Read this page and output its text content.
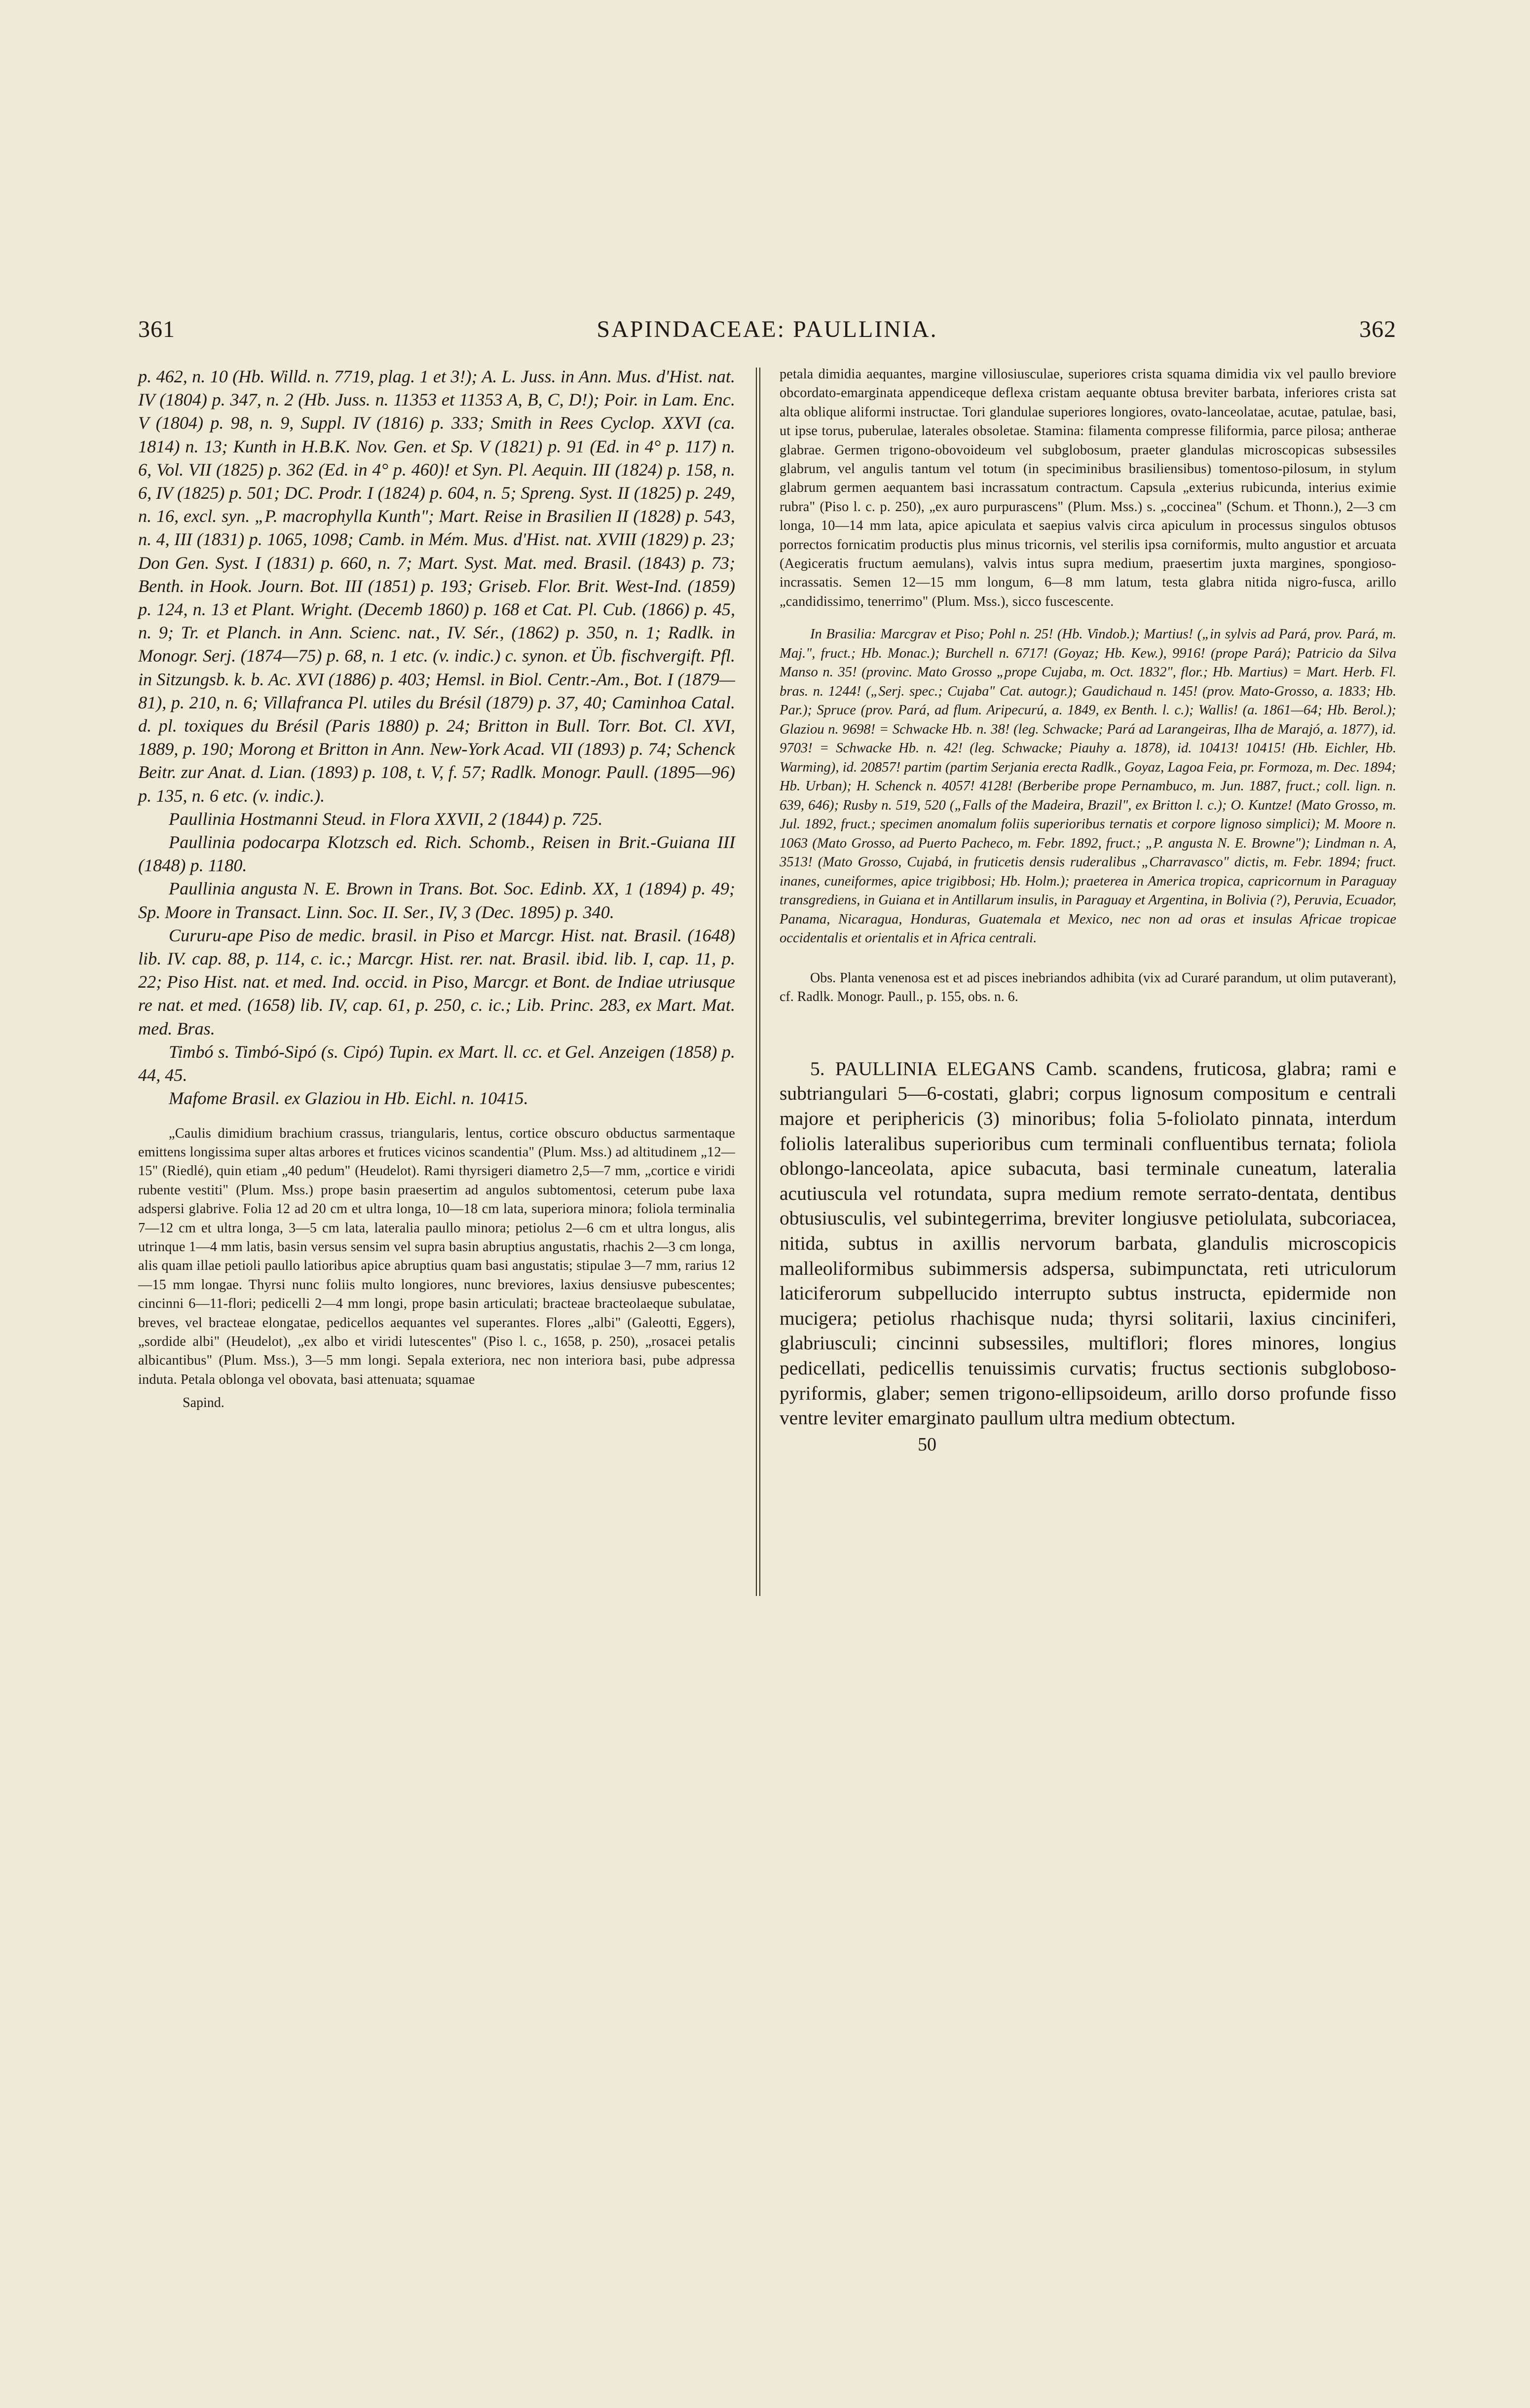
361	SAPINDACEAE: PAULLINIA.	362

p. 462, n. 10 (Hb. Willd. n. 7719, plag. 1 et 3!); A. L. Juss. in Ann. Mus. d'Hist. nat. IV (1804) p. 347, n. 2 (Hb. Juss. n. 11353 et 11353 A, B, C, D!); Poir. in Lam. Enc. V (1804) p. 98, n. 9, Suppl. IV (1816) p. 333; Smith in Rees Cyclop. XXVI (ca. 1814) n. 13; Kunth in H.B.K. Nov. Gen. et Sp. V (1821) p. 91 (Ed. in 4° p. 117) n. 6, Vol. VII (1825) p. 362 (Ed. in 4° p. 460)! et Syn. Pl. Aequin. III (1824) p. 158, n. 6, IV (1825) p. 501; DC. Prodr. I (1824) p. 604, n. 5; Spreng. Syst. II (1825) p. 249, n. 16, excl. syn. „P. macrophylla Kunth"; Mart. Reise in Brasilien II (1828) p. 543, n. 4, III (1831) p. 1065, 1098; Camb. in Mém. Mus. d'Hist. nat. XVIII (1829) p. 23; Don Gen. Syst. I (1831) p. 660, n. 7; Mart. Syst. Mat. med. Brasil. (1843) p. 73; Benth. in Hook. Journ. Bot. III (1851) p. 193; Griseb. Flor. Brit. West-Ind. (1859) p. 124, n. 13 et Plant. Wright. (Decemb 1860) p. 168 et Cat. Pl. Cub. (1866) p. 45, n. 9; Tr. et Planch. in Ann. Scienc. nat., IV. Sér., (1862) p. 350, n. 1; Radlk. in Monogr. Serj. (1874—75) p. 68, n. 1 etc. (v. indic.) c. synon. et Üb. fischvergift. Pfl. in Sitzungsb. k. b. Ac. XVI (1886) p. 403; Hemsl. in Biol. Centr.-Am., Bot. I (1879—81), p. 210, n. 6; Villafranca Pl. utiles du Brésil (1879) p. 37, 40; Caminhoa Catal. d. pl. toxiques du Brésil (Paris 1880) p. 24; Britton in Bull. Torr. Bot. Cl. XVI, 1889, p. 190; Morong et Britton in Ann. New-York Acad. VII (1893) p. 74; Schenck Beitr. zur Anat. d. Lian. (1893) p. 108, t. V, f. 57; Radlk. Monogr. Paull. (1895—96) p. 135, n. 6 etc. (v. indic.).

Paullinia Hostmanni Steud. in Flora XXVII, 2 (1844) p. 725.

Paullinia podocarpa Klotzsch ed. Rich. Schomb., Reisen in Brit.-Guiana III (1848) p. 1180.

Paullinia angusta N. E. Brown in Trans. Bot. Soc. Edinb. XX, 1 (1894) p. 49; Sp. Moore in Transact. Linn. Soc. II. Ser., IV, 3 (Dec. 1895) p. 340.

Cururu-ape Piso de medic. brasil. in Piso et Marcgr. Hist. nat. Brasil. (1648) lib. IV. cap. 88, p. 114, c. ic.; Marcgr. Hist. rer. nat. Brasil. ibid. lib. I, cap. 11, p. 22; Piso Hist. nat. et med. Ind. occid. in Piso, Marcgr. et Bont. de Indiae utriusque re nat. et med. (1658) lib. IV, cap. 61, p. 250, c. ic.; Lib. Princ. 283, ex Mart. Mat. med. Bras.

Timbó s. Timbó-Sipó (s. Cipó) Tupin. ex Mart. ll. cc. et Gel. Anzeigen (1858) p. 44, 45.

Mafome Brasil. ex Glaziou in Hb. Eichl. n. 10415.

„Caulis dimidium brachium crassus, triangularis, lentus, cortice obscuro obductus sarmentaque emittens longissima super altas arbores et frutices vicinos scandentia" (Plum. Mss.) ad altitudinem „12—15" (Riedlé), quin etiam „40 pedum" (Heudelot). Rami thyrsigeri diametro 2,5—7 mm, „cortice e viridi rubente vestiti" (Plum. Mss.) prope basin praesertim ad angulos subtomentosi, ceterum pube laxa adspersi glabrive. Folia 12 ad 20 cm et ultra longa, 10—18 cm lata, superiora minora; foliola terminalia 7—12 cm et ultra longa, 3—5 cm lata, lateralia paullo minora; petiolus 2—6 cm et ultra longus, alis utrinque 1—4 mm latis, basin versus sensim vel supra basin abruptius angustatis, rhachis 2—3 cm longa, alis quam illae petioli paullo latioribus apice abruptius quam basi angustatis; stipulae 3—7 mm, rarius 12—15 mm longae. Thyrsi nunc foliis multo longiores, nunc breviores, laxius densiusve pubescentes; cincinni 6—11-flori; pedicelli 2—4 mm longi, prope basin articulati; bracteae bracteolaeque subulatae, breves, vel bracteae elongatae, pedicellos aequantes vel superantes. Flores „albi" (Galeotti, Eggers), „sordide albi" (Heudelot), „ex albo et viridi lutescentes" (Piso l. c., 1658, p. 250), „rosacei petalis albicantibus" (Plum. Mss.), 3—5 mm longi. Sepala exteriora, nec non interiora basi, pube adpressa induta. Petala oblonga vel obovata, basi attenuata; squamae

Sapind.

petala dimidia aequantes, margine villosiusculae, superiores crista squama dimidia vix vel paullo breviore obcordato-emarginata appendiceque deflexa cristam aequante obtusa breviter barbata, inferiores crista sat alta oblique aliformi instructae. Tori glandulae superiores longiores, ovato-lanceolatae, acutae, patulae, basi, ut ipse torus, puberulae, laterales obsoletae. Stamina: filamenta compresse filiformia, parce pilosa; antherae glabrae. Germen trigono-obovoideum vel subglobosum, praeter glandulas microscopicas subsessiles glabrum, vel angulis tantum vel totum (in speciminibus brasiliensibus) tomentoso-pilosum, in stylum glabrum germen aequantem basi incrassatum contractum. Capsula „exterius rubicunda, interius eximie rubra" (Piso l. c. p. 250), „ex auro purpurascens" (Plum. Mss.) s. „coccinea" (Schum. et Thonn.), 2—3 cm longa, 10—14 mm lata, apice apiculata et saepius valvis circa apiculum in processus singulos obtusos porrectos fornicatim productis plus minus tricornis, vel sterilis ipsa corniformis, multo angustior et arcuata (Aegiceratis fructum aemulans), valvis intus supra medium, praesertim juxta margines, spongioso-incrassatis. Semen 12—15 mm longum, 6—8 mm latum, testa glabra nitida nigro-fusca, arillo „candidissimo, tenerrimo" (Plum. Mss.), sicco fuscescente.

In Brasilia: Marcgrav et Piso; Pohl n. 25! (Hb. Vindob.); Martius! („in sylvis ad Pará, prov. Pará, m. Maj.", fruct.; Hb. Monac.); Burchell n. 6717! (Goyaz; Hb. Kew.), 9916! (prope Pará); Patricio da Silva Manso n. 35! (provinc. Mato Grosso „prope Cujaba, m. Oct. 1832", flor.; Hb. Martius) = Mart. Herb. Fl. bras. n. 1244! („Serj. spec.; Cujaba" Cat. autogr.); Gaudichaud n. 145! (prov. Mato-Grosso, a. 1833; Hb. Par.); Spruce (prov. Pará, ad flum. Aripecurú, a. 1849, ex Benth. l. c.); Wallis! (a. 1861—64; Hb. Berol.); Glaziou n. 9698! = Schwacke Hb. n. 38! (leg. Schwacke; Pará ad Larangeiras, Ilha de Marajó, a. 1877), id. 9703! = Schwacke Hb. n. 42! (leg. Schwacke; Piauhy a. 1878), id. 10413! 10415! (Hb. Eichler, Hb. Warming), id. 20857! partim (partim Serjania erecta Radlk., Goyaz, Lagoa Feia, pr. Formoza, m. Dec. 1894; Hb. Urban); H. Schenck n. 4057! 4128! (Berberibe prope Pernambuco, m. Jun. 1887, fruct.; coll. lign. n. 639, 646); Rusby n. 519, 520 („Falls of the Madeira, Brazil", ex Britton l. c.); O. Kuntze! (Mato Grosso, m. Jul. 1892, fruct.; specimen anomalum foliis superioribus ternatis et corpore lignoso simplici); M. Moore n. 1063 (Mato Grosso, ad Puerto Pacheco, m. Febr. 1892, fruct.; „P. angusta N. E. Browne"); Lindman n. A, 3513! (Mato Grosso, Cujabá, in fruticetis densis ruderalibus „Charravasco" dictis, m. Febr. 1894; fruct. inanes, cuneiformes, apice trigibbosi; Hb. Holm.); praeterea in America tropica, capricornum in Paraguay transgrediens, in Guiana et in Antillarum insulis, in Paraguay et Argentina, in Bolivia (?), Peruvia, Ecuador, Panama, Nicaragua, Honduras, Guatemala et Mexico, nec non ad oras et insulas Africae tropicae occidentalis et orientalis et in Africa centrali.

Obs. Planta venenosa est et ad pisces inebriandos adhibita (vix ad Curaré parandum, ut olim putaverant), cf. Radlk. Monogr. Paull., p. 155, obs. n. 6.

5. PAULLINIA ELEGANS Camb. scandens, fruticosa, glabra; rami e subtriangulari 5—6-costati, glabri; corpus lignosum compositum e centrali majore et periphericis (3) minoribus; folia 5-foliolato pinnata, interdum foliolis lateralibus superioribus cum terminali confluentibus ternata; foliola oblongo-lanceolata, apice subacuta, basi terminale cuneatum, lateralia acutiuscula vel rotundata, supra medium remote serrato-dentata, dentibus obtusiusculis, vel subintegerrima, breviter longiusve petiolulata, subcoriacea, nitida, subtus in axillis nervorum barbata, glandulis microscopicis malleoliformibus subimmersis adspersa, subimpunctata, reti utriculorum laticiferorum subpellucido interrupto subtus instructa, epidermide non mucigera; petiolus rhachisque nuda; thyrsi solitarii, laxius cinciniferi, glabriusculi; cincinni subsessiles, multiflori; flores minores, longius pedicellati, pedicellis tenuissimis curvatis; fructus sectionis subgloboso-pyriformis, glaber; semen trigono-ellipsoideum, arillo dorso profunde fisso ventre leviter emarginato paullum ultra medium obtectum.

50
